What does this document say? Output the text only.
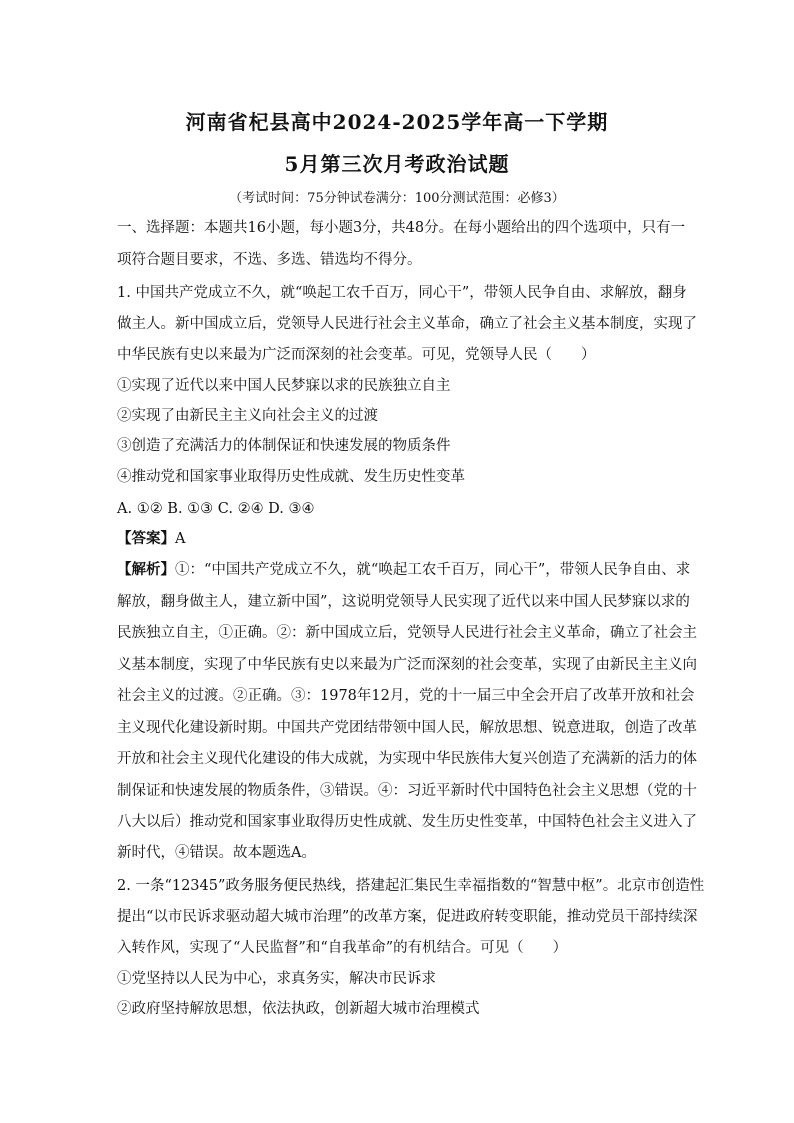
河南省杞县高中2024-2025学年高一下学期
5月第三次月考政治试题
（考试时间：75分钟试卷满分：100分测试范围：必修3）
一、选择题：本题共16小题，每小题3分，共48分。在每小题给出的四个选项中，只有一
项符合题目要求，不选、多选、错选均不得分。
1. 中国共产党成立不久，就“唤起工农千百万，同心干”，带领人民争自由、求解放，翻身
做主人。新中国成立后，党领导人民进行社会主义革命，确立了社会主义基本制度，实现了
中华民族有史以来最为广泛而深刻的社会变革。可见，党领导人民（　　）
①实现了近代以来中国人民梦寐以求的民族独立自主
②实现了由新民主主义向社会主义的过渡
③创造了充满活力的体制保证和快速发展的物质条件
④推动党和国家事业取得历史性成就、发生历史性变革
A. ①② B. ①③ C. ②④ D. ③④
【答案】A
【解析】①：“中国共产党成立不久，就“唤起工农千百万，同心干”，带领人民争自由、求
解放，翻身做主人，建立新中国”，这说明党领导人民实现了近代以来中国人民梦寐以求的
民族独立自主，①正确。②：新中国成立后，党领导人民进行社会主义革命，确立了社会主
义基本制度，实现了中华民族有史以来最为广泛而深刻的社会变革，实现了由新民主主义向
社会主义的过渡。②正确。③：1978年12月，党的十一届三中全会开启了改革开放和社会
主义现代化建设新时期。中国共产党团结带领中国人民，解放思想、锐意进取，创造了改革
开放和社会主义现代化建设的伟大成就，为实现中华民族伟大复兴创造了充满新的活力的体
制保证和快速发展的物质条件，③错误。④：习近平新时代中国特色社会主义思想（党的十
八大以后）推动党和国家事业取得历史性成就、发生历史性变革，中国特色社会主义进入了
新时代，④错误。故本题选A。
2. 一条“12345”政务服务便民热线，搭建起汇集民生幸福指数的“智慧中枢”。北京市创造性
提出“以市民诉求驱动超大城市治理”的改革方案，促进政府转变职能，推动党员干部持续深
入转作风，实现了“人民监督”和“自我革命”的有机结合。可见（　　）
①党坚持以人民为中心，求真务实，解决市民诉求
②政府坚持解放思想，依法执政，创新超大城市治理模式
